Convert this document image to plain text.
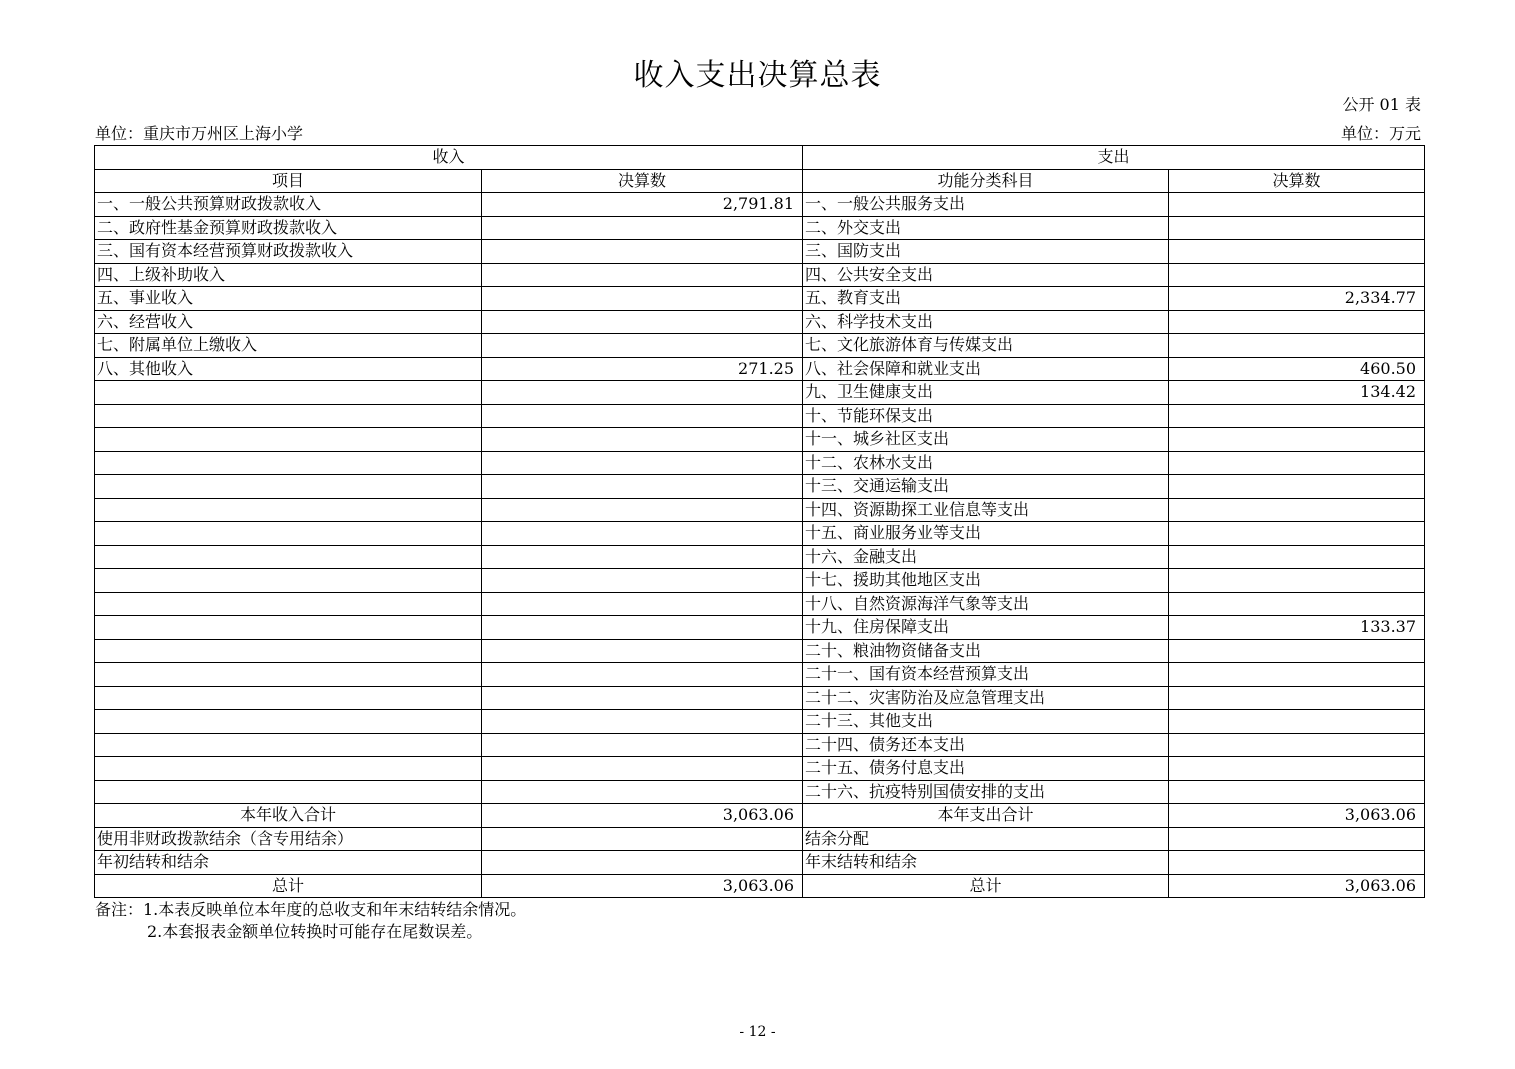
收入支出决算总表
公开 01 表
单位：重庆市万州区上海小学	单位：万元
收入		支出	
项目	决算数	功能分类科目	决算数
一、一般公共预算财政拨款收入	2,791.81	一、一般公共服务支出	
二、政府性基金预算财政拨款收入		二、外交支出	
三、国有资本经营预算财政拨款收入		三、国防支出	
四、上级补助收入		四、公共安全支出	
五、事业收入		五、教育支出	2,334.77
六、经营收入		六、科学技术支出	
七、附属单位上缴收入		七、文化旅游体育与传媒支出	
八、其他收入	271.25	八、社会保障和就业支出	460.50
		九、卫生健康支出	134.42
		十、节能环保支出	
		十一、城乡社区支出	
		十二、农林水支出	
		十三、交通运输支出	
		十四、资源勘探工业信息等支出	
		十五、商业服务业等支出	
		十六、金融支出	
		十七、援助其他地区支出	
		十八、自然资源海洋气象等支出	
		十九、住房保障支出	133.37
		二十、粮油物资储备支出	
		二十一、国有资本经营预算支出	
		二十二、灾害防治及应急管理支出	
		二十三、其他支出	
		二十四、债务还本支出	
		二十五、债务付息支出	
		二十六、抗疫特别国债安排的支出	
本年收入合计	3,063.06	本年支出合计	3,063.06
使用非财政拨款结余（含专用结余）		结余分配	
年初结转和结余		年末结转和结余	
总计	3,063.06	总计	3,063.06
备注：1.本表反映单位本年度的总收支和年末结转结余情况。
2.本套报表金额单位转换时可能存在尾数误差。
- 12 -
